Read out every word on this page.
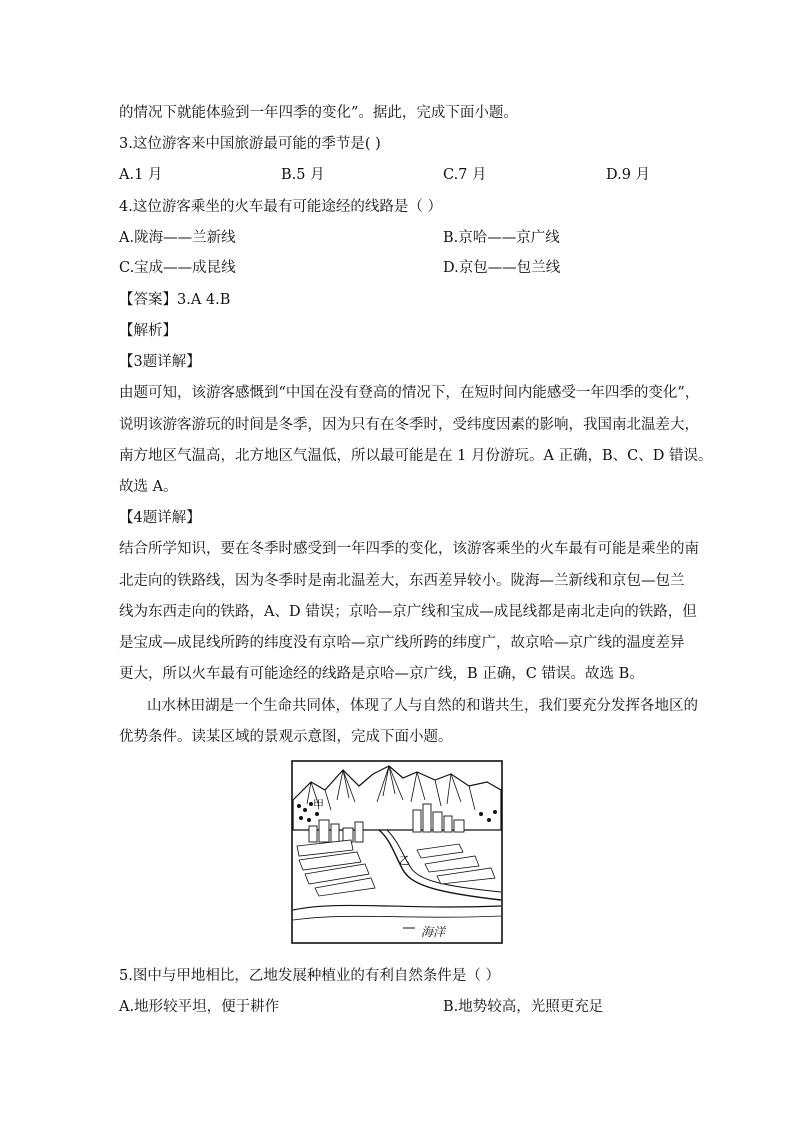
的情况下就能体验到一年四季的变化”。据此，完成下面小题。
3.这位游客来中国旅游最可能的季节是( )
A.1 月	B.5 月	C.7 月	D.9 月
4.这位游客乘坐的火车最有可能途经的线路是（ ）
A.陇海——兰新线	B.京哈——京广线
C.宝成——成昆线	D.京包——包兰线
【答案】3.A 4.B
【解析】
【3题详解】
由题可知，该游客感慨到“中国在没有登高的情况下，在短时间内能感受一年四季的变化”，
说明该游客游玩的时间是冬季，因为只有在冬季时，受纬度因素的影响，我国南北温差大，
南方地区气温高，北方地区气温低，所以最可能是在 1 月份游玩。A 正确，B、C、D 错误。
故选 A。
【4题详解】
结合所学知识，要在冬季时感受到一年四季的变化，该游客乘坐的火车最有可能是乘坐的南
北走向的铁路线，因为冬季时是南北温差大，东西差异较小。陇海—兰新线和京包—包兰
线为东西走向的铁路，A、D 错误；京哈—京广线和宝成—成昆线都是南北走向的铁路，但
是宝成—成昆线所跨的纬度没有京哈—京广线所跨的纬度广，故京哈—京广线的温度差异
更大，所以火车最有可能途经的线路是京哈—京广线，B 正确，C 错误。故选 B。
山水林田湖是一个生命共同体，体现了人与自然的和谐共生，我们要充分发挥各地区的
优势条件。读某区域的景观示意图，完成下面小题。
甲
乙
海洋
5.图中与甲地相比，乙地发展种植业的有利自然条件是（ ）
A.地形较平坦，便于耕作	B.地势较高，光照更充足
